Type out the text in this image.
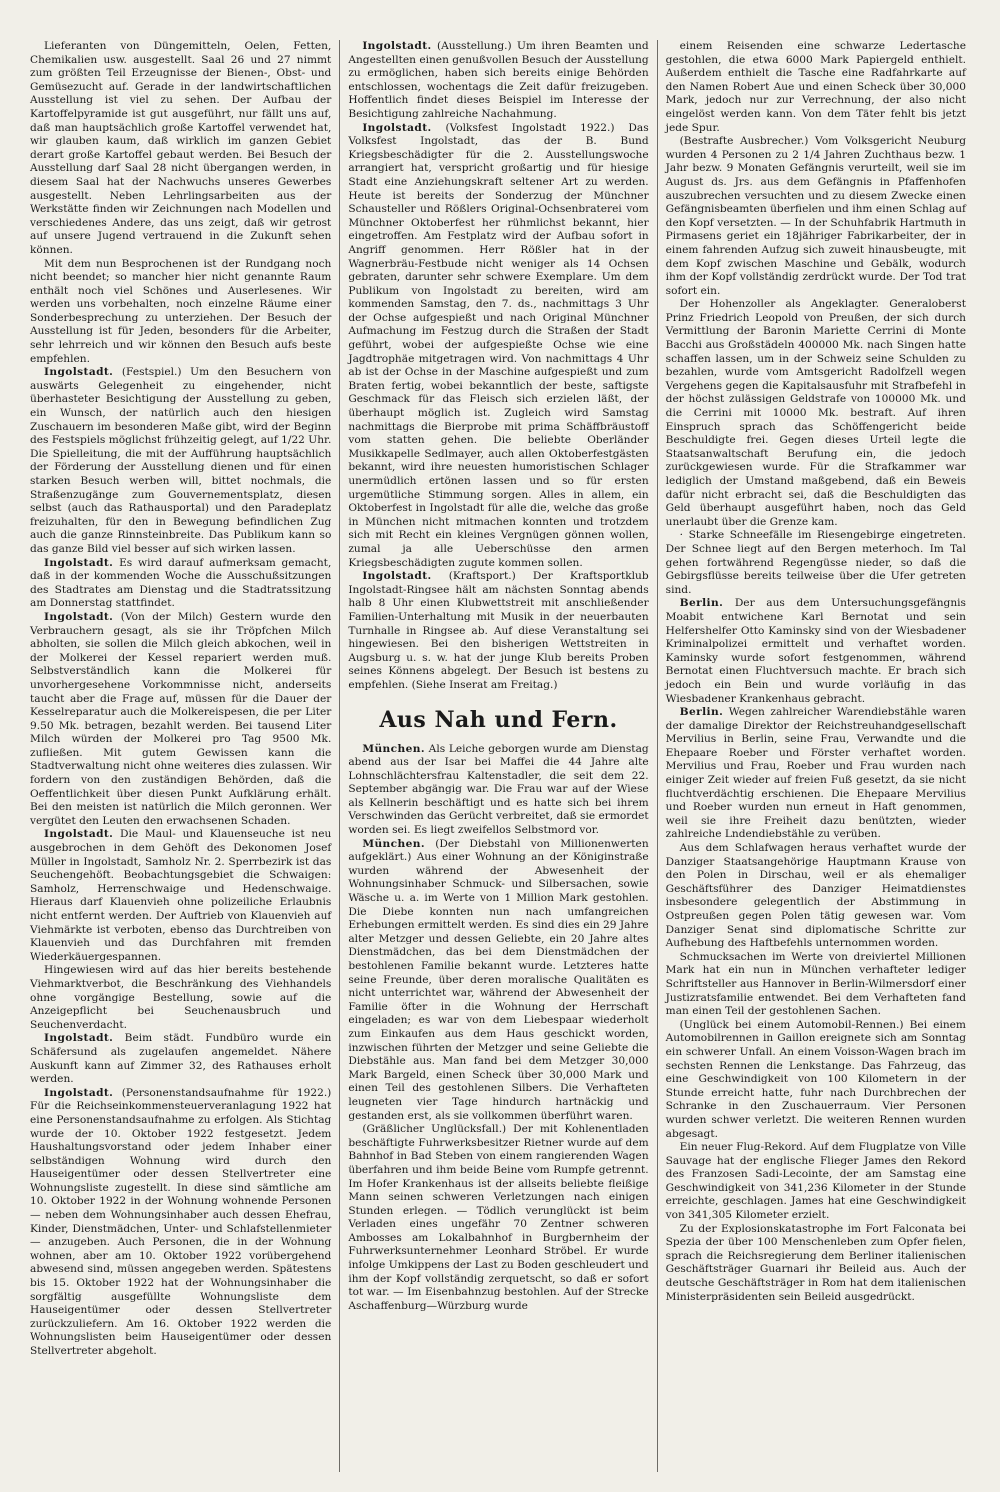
Lieferanten von Düngemitteln, Oelen, Fetten, Chemikalien usw. ausgestellt. Saal 26 und 27 nimmt zum größten Teil Erzeugnisse der Bienen-, Obst- und Gemüsezucht auf. Gerade in der landwirtschaftlichen Ausstellung ist viel zu sehen. Der Aufbau der Kartoffelpyramide ist gut ausgeführt, nur fällt uns auf, daß man hauptsächlich große Kartoffel verwendet hat, wir glauben kaum, daß wirklich im ganzen Gebiet derart große Kartoffel gebaut werden. Bei Besuch der Ausstellung darf Saal 28 nicht übergangen werden, in diesem Saal hat der Nachwuchs unseres Gewerbes ausgestellt. Neben Lehrlingsarbeiten aus der Werkstätte finden wir Zeichnungen nach Modellen und verschiedenes Andere, das uns zeigt, daß wir getrost auf unsere Jugend vertrauend in die Zukunft sehen können.

Mit dem nun Besprochenen ist der Rundgang noch nicht beendet; so mancher hier nicht genannte Raum enthält noch viel Schönes und Auserlesenes. Wir werden uns vorbehalten, noch einzelne Räume einer Sonderbesprechung zu unterziehen. Der Besuch der Ausstellung ist für Jeden, besonders für die Arbeiter, sehr lehrreich und wir können den Besuch aufs beste empfehlen.

Ingolstadt. (Festspiel.) Um den Besuchern von auswärts Gelegenheit zu eingehender, nicht überhasteter Besichtigung der Ausstellung zu geben, ein Wunsch, der natürlich auch den hiesigen Zuschauern im besonderen Maße gibt, wird der Beginn des Festspiels möglichst frühzeitig gelegt, auf 1/22 Uhr. Die Spielleitung, die mit der Aufführung hauptsächlich der Förderung der Ausstellung dienen und für einen starken Besuch werben will, bittet nochmals, die Straßenzugänge zum Gouvernementsplatz, diesen selbst (auch das Rathausportal) und den Paradeplatz freizuhalten, für den in Bewegung befindlichen Zug auch die ganze Rinnsteinbreite. Das Publikum kann so das ganze Bild viel besser auf sich wirken lassen.

Ingolstadt. Es wird darauf aufmerksam gemacht, daß in der kommenden Woche die Ausschußsitzungen des Stadtrates am Dienstag und die Stadtratssitzung am Donnerstag stattfindet.

Ingolstadt. (Von der Milch) Gestern wurde den Verbrauchern gesagt, als sie ihr Tröpfchen Milch abholten, sie sollen die Milch gleich abkochen, weil in der Molkerei der Kessel repariert werden muß. Selbstverständlich kann die Molkerei für unvorhergesehene Vorkommnisse nicht, anderseits taucht aber die Frage auf, müssen für die Dauer der Kesselreparatur auch die Molkereispesen, die per Liter 9.50 Mk. betragen, bezahlt werden. Bei tausend Liter Milch würden der Molkerei pro Tag 9500 Mk. zufließen. Mit gutem Gewissen kann die Stadtverwaltung nicht ohne weiteres dies zulassen. Wir fordern von den zuständigen Behörden, daß die Oeffentlichkeit über diesen Punkt Aufklärung erhält. Bei den meisten ist natürlich die Milch geronnen. Wer vergütet den Leuten den erwachsenen Schaden.

Ingolstadt. Die Maul- und Klauenseuche ist neu ausgebrochen in dem Gehöft des Dekonomen Josef Müller in Ingolstadt, Samholz Nr. 2. Sperrbezirk ist das Seuchengehöft. Beobachtungsgebiet die Schwaigen: Samholz, Herrenschwaige und Hedenschwaige. Hieraus darf Klauenvieh ohne polizeiliche Erlaubnis nicht entfernt werden. Der Auftrieb von Klauenvieh auf Viehmärkte ist verboten, ebenso das Durchtreiben von Klauenvieh und das Durchfahren mit fremden Wiederkäuergespannen.

Hingewiesen wird auf das hier bereits bestehende Viehmarktverbot, die Beschränkung des Viehhandels ohne vorgängige Bestellung, sowie auf die Anzeigepflicht bei Seuchenausbruch und Seuchenverdacht.

Ingolstadt. Beim städt. Fundbüro wurde ein Schäfersund als zugelaufen angemeldet. Nähere Auskunft kann auf Zimmer 32, des Rathauses erholt werden.

Ingolstadt. (Personenstandsaufnahme für 1922.) Für die Reichseinkommensteuerveranlagung 1922 hat eine Personenstandsaufnahme zu erfolgen. Als Stichtag wurde der 10. Oktober 1922 festgesetzt. Jedem Haushaltungsvorstand oder jedem Inhaber einer selbständigen Wohnung wird durch den Hauseigentümer oder dessen Stellvertreter eine Wohnungsliste zugestellt. In diese sind sämtliche am 10. Oktober 1922 in der Wohnung wohnende Personen — neben dem Wohnungsinhaber auch dessen Ehefrau, Kinder, Dienstmädchen, Unter- und Schlafstellenmieter — anzugeben. Auch Personen, die in der Wohnung wohnen, aber am 10. Oktober 1922 vorübergehend abwesend sind, müssen angegeben werden. Spätestens bis 15. Oktober 1922 hat der Wohnungsinhaber die sorgfältig ausgefüllte Wohnungsliste dem Hauseigentümer oder dessen Stellvertreter zurückzuliefern. Am 16. Oktober 1922 werden die Wohnungslisten beim Hauseigentümer oder dessen Stellvertreter abgeholt.

Ingolstadt. (Ausstellung.) Um ihren Beamten und Angestellten einen genußvollen Besuch der Ausstellung zu ermöglichen, haben sich bereits einige Behörden entschlossen, wochentags die Zeit dafür freizugeben. Hoffentlich findet dieses Beispiel im Interesse der Besichtigung zahlreiche Nachahmung.

Ingolstadt. (Volksfest Ingolstadt 1922.) Das Volksfest Ingolstadt, das der B. Bund Kriegsbeschädigter für die 2. Ausstellungswoche arrangiert hat, verspricht großartig und für hiesige Stadt eine Anziehungskraft seltener Art zu werden. Heute ist bereits der Sonderzug der Münchner Schausteller und Rößlers Original-Ochsenbraterei vom Münchner Oktoberfest her rühmlichst bekannt, hier eingetroffen. Am Festplatz wird der Aufbau sofort in Angriff genommen. Herr Rößler hat in der Wagnerbräu-Festbude nicht weniger als 14 Ochsen gebraten, darunter sehr schwere Exemplare. Um dem Publikum von Ingolstadt zu bereiten, wird am kommenden Samstag, den 7. ds., nachmittags 3 Uhr der Ochse aufgespießt und nach Original Münchner Aufmachung im Festzug durch die Straßen der Stadt geführt, wobei der aufgespießte Ochse wie eine Jagdtrophäe mitgetragen wird. Von nachmittags 4 Uhr ab ist der Ochse in der Maschine aufgespießt und zum Braten fertig, wobei bekanntlich der beste, saftigste Geschmack für das Fleisch sich erzielen läßt, der überhaupt möglich ist. Zugleich wird Samstag nachmittags die Bierprobe mit prima Schäffbräustoff vom statten gehen. Die beliebte Oberländer Musikkapelle Sedlmayer, auch allen Oktoberfestgästen bekannt, wird ihre neuesten humoristischen Schlager unermüdlich ertönen lassen und so für ersten urgemütliche Stimmung sorgen. Alles in allem, ein Oktoberfest in Ingolstadt für alle die, welche das große in München nicht mitmachen konnten und trotzdem sich mit Recht ein kleines Vergnügen gönnen wollen, zumal ja alle Ueberschüsse den armen Kriegsbeschädigten zugute kommen sollen.

Ingolstadt. (Kraftsport.) Der Kraftsportklub Ingolstadt-Ringsee hält am nächsten Sonntag abends halb 8 Uhr einen Klubwettstreit mit anschließender Familien-Unterhaltung mit Musik in der neuerbauten Turnhalle in Ringsee ab. Auf diese Veranstaltung sei hingewiesen. Bei den bisherigen Wettstreiten in Augsburg u. s. w. hat der junge Klub bereits Proben seines Könnens abgelegt. Der Besuch ist bestens zu empfehlen. (Siehe Inserat am Freitag.)

Aus Nah und Fern.

München. Als Leiche geborgen wurde am Dienstag abend aus der Isar bei Maffei die 44 Jahre alte Lohnschlächtersfrau Kaltenstadler, die seit dem 22. September abgängig war. Die Frau war auf der Wiese als Kellnerin beschäftigt und es hatte sich bei ihrem Verschwinden das Gerücht verbreitet, daß sie ermordet worden sei. Es liegt zweifellos Selbstmord vor.

München. (Der Diebstahl von Millionenwerten aufgeklärt.) Aus einer Wohnung an der Königinstraße wurden während der Abwesenheit der Wohnungsinhaber Schmuck- und Silbersachen, sowie Wäsche u. a. im Werte von 1 Million Mark gestohlen. Die Diebe konnten nun nach umfangreichen Erhebungen ermittelt werden. Es sind dies ein 29 Jahre alter Metzger und dessen Geliebte, ein 20 Jahre altes Dienstmädchen, das bei dem Dienstmädchen der bestohlenen Familie bekannt wurde. Letzteres hatte seine Freunde, über deren moralische Qualitäten es nicht unterrichtet war, während der Abwesenheit der Familie öfter in die Wohnung der Herrschaft eingeladen; es war von dem Liebespaar wiederholt zum Einkaufen aus dem Haus geschickt worden, inzwischen führten der Metzger und seine Geliebte die Diebstähle aus. Man fand bei dem Metzger 30,000 Mark Bargeld, einen Scheck über 30,000 Mark und einen Teil des gestohlenen Silbers. Die Verhafteten leugneten vier Tage hindurch hartnäckig und gestanden erst, als sie vollkommen überführt waren.

(Gräßlicher Unglücksfall.) Der mit Kohlenentladen beschäftigte Fuhrwerksbesitzer Rietner wurde auf dem Bahnhof in Bad Steben von einem rangierenden Wagen überfahren und ihm beide Beine vom Rumpfe getrennt. Im Hofer Krankenhaus ist der allseits beliebte fleißige Mann seinen schweren Verletzungen nach einigen Stunden erlegen. — Tödlich verunglückt ist beim Verladen eines ungefähr 70 Zentner schweren Ambosses am Lokalbahnhof in Burgbernheim der Fuhrwerksunternehmer Leonhard Ströbel. Er wurde infolge Umkippens der Last zu Boden geschleudert und ihm der Kopf vollständig zerquetscht, so daß er sofort tot war. — Im Eisenbahnzug bestohlen. Auf der Strecke Aschaffenburg—Würzburg wurde

einem Reisenden eine schwarze Ledertasche gestohlen, die etwa 6000 Mark Papiergeld enthielt. Außerdem enthielt die Tasche eine Radfahrkarte auf den Namen Robert Aue und einen Scheck über 30,000 Mark, jedoch nur zur Verrechnung, der also nicht eingelöst werden kann. Von dem Täter fehlt bis jetzt jede Spur.

(Bestrafte Ausbrecher.) Vom Volksgericht Neuburg wurden 4 Personen zu 2 1/4 Jahren Zuchthaus bezw. 1 Jahr bezw. 9 Monaten Gefängnis verurteilt, weil sie im August ds. Jrs. aus dem Gefängnis in Pfaffenhofen auszubrechen versuchten und zu diesem Zwecke einen Gefängnisbeamten überfielen und ihm einen Schlag auf den Kopf versetzten. — In der Schuhfabrik Hartmuth in Pirmasens geriet ein 18jähriger Fabrikarbeiter, der in einem fahrenden Aufzug sich zuweit hinausbeugte, mit dem Kopf zwischen Maschine und Gebälk, wodurch ihm der Kopf vollständig zerdrückt wurde. Der Tod trat sofort ein.

Der Hohenzoller als Angeklagter. Generaloberst Prinz Friedrich Leopold von Preußen, der sich durch Vermittlung der Baronin Mariette Cerrini di Monte Bacchi aus Großstädeln 400000 Mk. nach Singen hatte schaffen lassen, um in der Schweiz seine Schulden zu bezahlen, wurde vom Amtsgericht Radolfzell wegen Vergehens gegen die Kapitalsausfuhr mit Strafbefehl in der höchst zulässigen Geldstrafe von 100000 Mk. und die Cerrini mit 10000 Mk. bestraft. Auf ihren Einspruch sprach das Schöffengericht beide Beschuldigte frei. Gegen dieses Urteil legte die Staatsanwaltschaft Berufung ein, die jedoch zurückgewiesen wurde. Für die Strafkammer war lediglich der Umstand maßgebend, daß ein Beweis dafür nicht erbracht sei, daß die Beschuldigten das Geld überhaupt ausgeführt haben, noch das Geld unerlaubt über die Grenze kam.

· Starke Schneefälle im Riesengebirge eingetreten. Der Schnee liegt auf den Bergen meterhoch. Im Tal gehen fortwährend Regengüsse nieder, so daß die Gebirgsflüsse bereits teilweise über die Ufer getreten sind.

Berlin. Der aus dem Untersuchungsgefängnis Moabit entwichene Karl Bernotat und sein Helfershelfer Otto Kaminsky sind von der Wiesbadener Kriminalpolizei ermittelt und verhaftet worden. Kaminsky wurde sofort festgenommen, während Bernotat einen Fluchtversuch machte. Er brach sich jedoch ein Bein und wurde vorläufig in das Wiesbadener Krankenhaus gebracht.

Berlin. Wegen zahlreicher Warendiebstähle waren der damalige Direktor der Reichstreuhandgesellschaft Mervilius in Berlin, seine Frau, Verwandte und die Ehepaare Roeber und Förster verhaftet worden. Mervilius und Frau, Roeber und Frau wurden nach einiger Zeit wieder auf freien Fuß gesetzt, da sie nicht fluchtverdächtig erschienen. Die Ehepaare Mervilius und Roeber wurden nun erneut in Haft genommen, weil sie ihre Freiheit dazu benützten, wieder zahlreiche Lndendiebstähle zu verüben.

Aus dem Schlafwagen heraus verhaftet wurde der Danziger Staatsangehörige Hauptmann Krause von den Polen in Dirschau, weil er als ehemaliger Geschäftsführer des Danziger Heimatdienstes insbesondere gelegentlich der Abstimmung in Ostpreußen gegen Polen tätig gewesen war. Vom Danziger Senat sind diplomatische Schritte zur Aufhebung des Haftbefehls unternommen worden.

Schmucksachen im Werte von dreiviertel Millionen Mark hat ein nun in München verhafteter lediger Schriftsteller aus Hannover in Berlin-Wilmersdorf einer Justizratsfamilie entwendet. Bei dem Verhafteten fand man einen Teil der gestohlenen Sachen.

(Unglück bei einem Automobil-Rennen.) Bei einem Automobilrennen in Gaillon ereignete sich am Sonntag ein schwerer Unfall. An einem Voisson-Wagen brach im sechsten Rennen die Lenkstange. Das Fahrzeug, das eine Geschwindigkeit von 100 Kilometern in der Stunde erreicht hatte, fuhr nach Durchbrechen der Schranke in den Zuschauerraum. Vier Personen wurden schwer verletzt. Die weiteren Rennen wurden abgesagt.

Ein neuer Flug-Rekord. Auf dem Flugplatze von Ville Sauvage hat der englische Flieger James den Rekord des Franzosen Sadi-Lecointe, der am Samstag eine Geschwindigkeit von 341,236 Kilometer in der Stunde erreichte, geschlagen. James hat eine Geschwindigkeit von 341,305 Kilometer erzielt.

Zu der Explosionskatastrophe im Fort Falconata bei Spezia der über 100 Menschenleben zum Opfer fielen, sprach die Reichsregierung dem Berliner italienischen Geschäftsträger Guarnari ihr Beileid aus. Auch der deutsche Geschäftsträger in Rom hat dem italienischen Ministerpräsidenten sein Beileid ausgedrückt.
